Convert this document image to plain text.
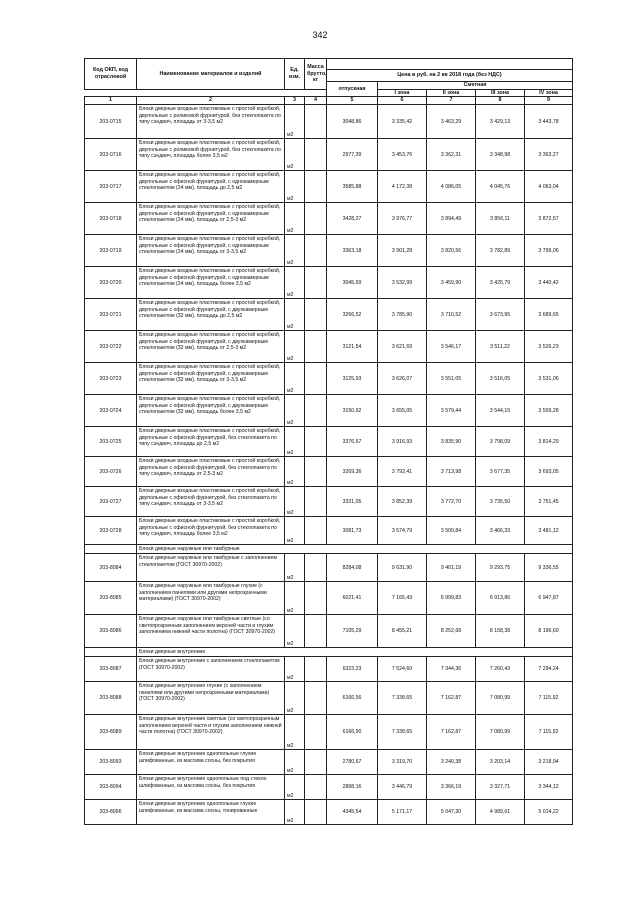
342
Код ОКП, код отраслевой	Наименование материалов и изделий	Ед. изм.	Масса брутто, кг					
				Цена в руб. на 2 кв 2018 года (без НДС)				
				отпускная	Сметная			
					I зона	II зона	III зона	IV зона
1	2	3	4	5	6	7	8	9
203-0715	Блоки дверные входные пластиковые с простой коробкой, двупольные с роликовой фурнитурой, без стеклопакета по типу сэндвич, площадь от 3-3,5 м2	м2		3048,86	3 335,42	3 463,29	3 429,13	3 443,78
203-0716	Блоки дверные входные пластиковые с простой коробкой, двупольные с роликовой фурнитурой, без стеклопакета по типу сэндвич, площадь более 3,5 м2	м2		2977,39	3 453,76	3 362,31	3 348,98	3 363,27
203-0717	Блоки дверные входные пластиковые с простой коробкой, двупольные с офисной фурнитурой, с однокамерным стеклопакетом (24 мм), площадь до 2,5 м2	м2		3585,88	4 172,38	4 086,05	4 045,76	4 063,04
203-0718	Блоки дверные входные пластиковые с простой коробкой, двупольные с офисной фурнитурой, с однокамерным стеклопакетом (24 мм), площадь от 2,5-3 м2	м2		3428,27	3 976,77	3 894,49	3 856,11	3 872,57
203-0719	Блоки дверные входные пластиковые с простой коробкой, двупольные с офисной фурнитурой, с однокамерным стеклопакетом (24 мм), площадь от 3-3,5 м2	м2		3363,18	3 901,28	3 820,56	3 782,89	3 799,06
203-0720	Блоки дверные входные пластиковые с простой коробкой, двупольные с офисной фурнитурой, с однокамерным стеклопакетом (24 мм), площадь более 3,5 м2	м2		3045,69	3 532,99	3 459,90	3 425,79	3 440,42
203-0721	Блоки дверные входные пластиковые с простой коробкой, двупольные с офисной фурнитурой, с двухкамерным стеклопакетом (32 мм), площадь до 2,5 м2	м2		3266,52	3 785,90	3 710,52	3 673,95	3 689,65
203-0722	Блоки дверные входные пластиковые с простой коробкой, двупольные с офисной фурнитурой, с двухкамерным стеклопакетом (32 мм), площадь от 2,5-3 м2	м2		3121,54	3 621,69	3 546,17	3 511,22	3 526,23
203-0723	Блоки дверные входные пластиковые с простой коробкой, двупольные с офисной фурнитурой, с двухкамерным стеклопакетом (32 мм), площадь от 3-3,5 м2	м2		3125,93	3 626,07	3 551,05	3 516,05	3 531,06
203-0724	Блоки дверные входные пластиковые с простой коробкой, двупольные с офисной фурнитурой, с двухкамерным стеклопакетом (32 мм), площадь более 3,5 м2	м2		3150,92	3 655,05	3 579,44	3 544,15	3 559,28
203-0725	Блоки дверные входные пластиковые с простой коробкой, двупольные с офисной фурнитурой, без стеклопакета по типу сэндвич, площадь до 2,5 м2	м2		3376,67	3 916,93	3 835,90	3 798,09	3 814,29
203-0726	Блоки дверные входные пластиковые с простой коробкой, двупольные с офисной фурнитурой, без стеклопакета по типу сэндвич, площадь от 2,5-3 м2	м2		3269,36	3 792,41	3 713,98	3 677,35	3 693,05
203-0727	Блоки дверные входные пластиковые с простой коробкой, двупольные с офисной фурнитурой, без стеклопакета по типу сэндвич, площадь от 3-3,5 м2	м2		3321,05	3 852,39	3 772,70	3 735,50	3 751,45
203-0728	Блоки дверные входные пластиковые с простой коробкой, двупольные с офисной фурнитурой, без стеклопакета по типу сэндвич, площадь более 3,5 м2	м2		3081,73	3 574,79	3 500,84	3 466,33	3 481,12
	Блоки дверные наружные или тамбурные							
203-8084	Блоки дверные наружные или тамбурные с заполнением стеклопакетом (ГОСТ 30970-2002)	м2		8284,08	9 631,90	9 401,19	9 293,75	9 336,55
203-8085	Блоки дверные наружные или тамбурные глухие (с заполнением панелями или другими непрозрачными материалами) (ГОСТ 30970-2002)	м2		6021,41	7 165,43	6 999,83	6 913,86	6 947,87
203-8086	Блоки дверные наружные или тамбурные светлые (со светопрозрачным заполнением верхней части и глухим заполнением нижней части полотна) (ГОСТ 30970-2002)	м2		7105,29	8 455,21	8 252,68	8 158,38	8 196,60
	Блоки дверные внутренние							
203-8087	Блоки дверные внутренние с заполнением стеклопакетом (ГОСТ 30970-2002)	м2		6323,23	7 524,60	7 344,36	7 260,43	7 294,24
203-8088	Блоки дверные внутренние глухие (с заполнением панелями или другими непрозрачными материалами) (ГОСТ 30970-2002)	м2		6166,56	7 338,65	7 162,87	7 080,99	7 115,92
203-8089	Блоки дверные внутренние светлые (со светопрозрачным заполнением верхней части и глухим заполнением нижней части полотна) (ГОСТ 30970-2002)	м2		6166,90	7 338,65	7 162,87	7 080,99	7 115,92
203-8093	Блоки дверные внутренние однопольные глухие шпифованные, из массива сосны, без покрытия	м2		2780,67	3 319,70	3 240,38	3 203,14	3 218,94
203-8094	Блоки дверные внутренние однопольные под стекло шлифованные, из массива сосны, без покрытия	м2		2898,16	3 446,79	3 366,19	3 327,71	3 344,12
203-8096	Блоки дверные внутренние однопольные глухие шпифованные, из массива сосны, тонированные	м2		4345,54	5 171,17	5 047,30	4 989,61	5 014,22
